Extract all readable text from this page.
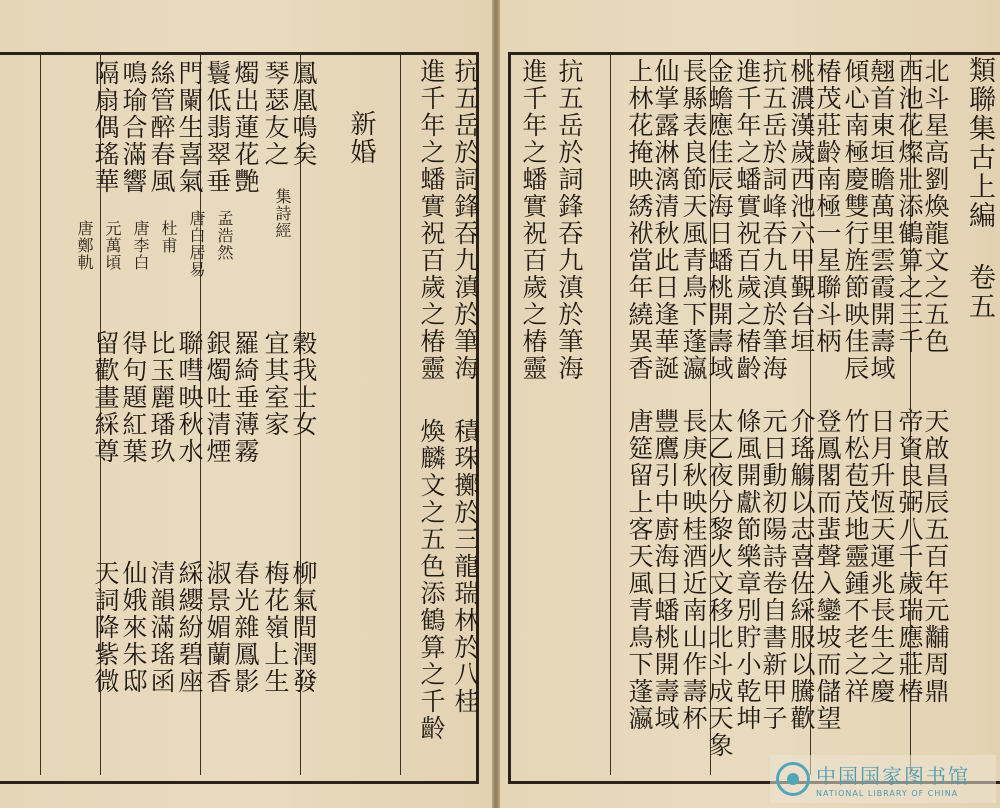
類聯集古上編 卷五
北斗星高劉煥龍文之五色
西池花燦壯添鶴算之三千
翹首東垣瞻萬里雲霞開壽域
傾心南極慶雙行旌節映佳辰
椿茂莊齡南極一星聯斗柄
桃濃漢歲西池六甲覲台垣
抗五岳於詞峰吞九滇於筆海
進千年之蟠實祝百歲之椿齡
金蟾應佳辰海日蟠桃開壽域
長縣表良節天風青鳥下蓬瀛
仙掌露淋漓清秋此日逢華誕
上林花掩映綉袱當年繞異香
天啟昌辰五百年元黼周鼎
帝資良弼八千歲瑞應莊椿
日月升恆天運兆長生之慶
竹松苞茂地靈鍾不老之祥
登鳳閣而蜚聲入鑾坡而儲望
介瑤觴以志喜佐綵服以騰歡
元日動初陽詩卷自書新甲子
條風開獻節樂章別貯小乾坤
太乙夜分黎火文移北斗成天象
長庚秋映桂酒近南山作壽杯
豐鷹引中廚海日蟠桃開壽域
唐筵留上客天風青鳥下蓬瀛
抗五岳於詞鋒吞九滇於筆海
進千年之蟠實祝百歲之椿靈
抗五岳於詞鋒吞九滇於筆海
進千年之蟠實祝百歲之椿靈
積珠擲於三龍瑞林於八桂
煥麟文之五色添鶴算之千齡
新婚
鳳凰鳴矣
琴瑟友之
燭出蓮花艷
鬟低翡翠垂
門闌生喜氣
絲管醉春風
鳴瑜合滿響
隔扇偶瑤華
穀我士女
宜其室家
羅綺垂薄霧
銀燭吐清煙
聯嘒映秋水
比玉麗璠玖
得句題紅葉
留歡畫綵尊
柳氣間潤發
梅花嶺上生
春光雜鳳影
淑景媚蘭香
綵纓紛碧座
清韻滿瑤函
仙娥來朱邸
天詞降紫微
集詩經
孟浩然
唐白居易
杜甫
唐李白
元萬頃
唐鄭軌
中国国家图书馆
NATIONAL LIBRARY OF CHINA
